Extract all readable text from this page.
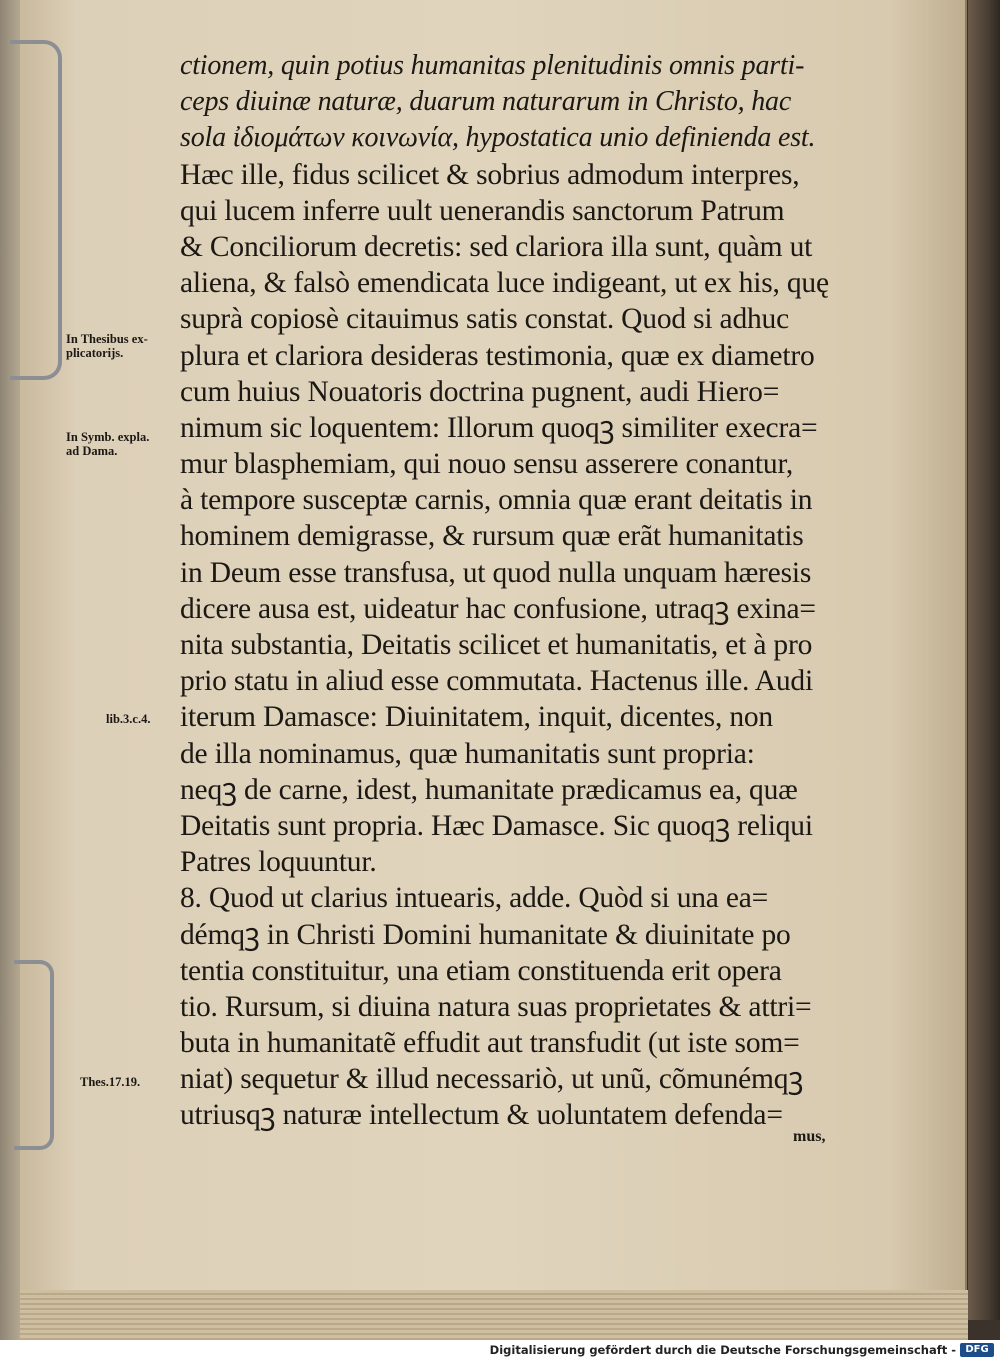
ctionem, quin potius humanitas plenitudinis omnis parti-
ceps diuinæ naturæ, duarum naturarum in Christo, hac
sola ἰδιομάτων κοινωνία, hypostatica unio definienda est.
Hæc ille, fidus scilicet & sobrius admodum interpres,
qui lucem inferre uult uenerandis sanctorum Patrum
& Conciliorum decretis: sed clariora illa sunt, quàm ut
aliena, & falsò emendicata luce indigeant, ut ex his, quę
suprà copiosè citauimus satis constat. Quod si adhuc
plura et clariora desideras testimonia, quæ ex diametro
cum huius Nouatoris doctrina pugnent, audi Hiero=
nimum sic loquentem: Illorum quoqꝫ similiter execra=
mur blasphemiam, qui nouo sensu asserere conantur,
à tempore susceptæ carnis, omnia quæ erant deitatis in
hominem demigrasse, & rursum quæ erãt humanitatis
in Deum esse transfusa, ut quod nulla unquam hæresis
dicere ausa est, uideatur hac confusione, utraqꝫ exina=
nita substantia, Deitatis scilicet et humanitatis, et à pro
prio statu in aliud esse commutata. Hactenus ille. Audi
iterum Damasce: Diuinitatem, inquit, dicentes, non
de illa nominamus, quæ humanitatis sunt propria:
neqꝫ de carne, idest, humanitate prædicamus ea, quæ
Deitatis sunt propria. Hæc Damasce. Sic quoqꝫ reliqui
Patres loquuntur.
8. Quod ut clarius intuearis, adde. Quòd si una ea=
démqꝫ in Christi Domini humanitate & diuinitate po
tentia constituitur, una etiam constituenda erit opera
tio. Rursum, si diuina natura suas proprietates & attri=
buta in humanitatẽ effudit aut transfudit (ut iste som=
niat) sequetur & illud necessariò, ut unũ, cõmunémqꝫ
utriusqꝫ naturæ intellectum & uoluntatem defenda=
In Thesibus ex-
plicatorijs.
In Symb. expla.
ad Dama.
lib.3.c.4.
Thes.17.19.
mus,
Digitalisierung gefördert durch die Deutsche Forschungsgemeinschaft - DFG
